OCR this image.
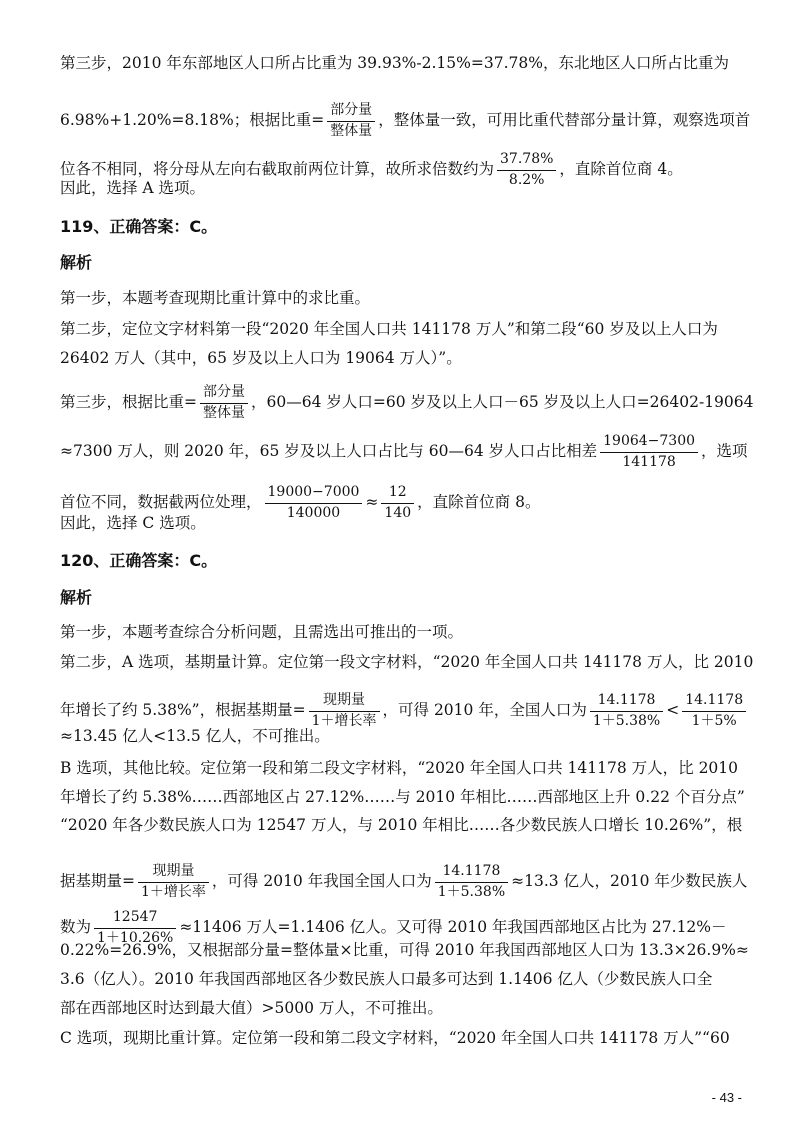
第三步，2010 年东部地区人口所占比重为 39.93%-2.15%=37.78%，东北地区人口所占比重为
6.98%+1.20%=8.18%；根据比重= $\frac{\text{部分量}}{\text{整体量}}$ ，整体量一致，可用比重代替部分量计算，观察选项首
位各不相同，将分母从左向右截取前两位计算，故所求倍数约为 $\frac{37.78\%}{8.2\%}$ ，直除首位商 4。
因此，选择 A 选项。
119、正确答案：C。
解析
第一步，本题考查现期比重计算中的求比重。
第二步，定位文字材料第一段“2020 年全国人口共 141178 万人”和第二段“60 岁及以上人口为
26402 万人（其中，65 岁及以上人口为 19064 万人）”。
第三步，根据比重= $\frac{\text{部分量}}{\text{整体量}}$ ，60—64 岁人口=60 岁及以上人口－65 岁及以上人口=26402-19064
≈7300 万人，则 2020 年，65 岁及以上人口占比与 60—64 岁人口占比相差 $\frac{19064-7300}{141178}$ ，选项
首位不同，数据截两位处理， $\frac{19000-7000}{140000} \approx \frac{12}{140}$ ，直除首位商 8。
因此，选择 C 选项。
120、正确答案：C。
解析
第一步，本题考查综合分析问题，且需选出可推出的一项。
第二步，A 选项，基期量计算。定位第一段文字材料，“2020 年全国人口共 141178 万人，比 2010
年增长了约 5.38%”，根据基期量= $\frac{\text{现期量}}{\text{1＋增长率}}$ ，可得 2010 年，全国人口为 $\frac{14.1178}{1+5.38\%} < \frac{14.1178}{1+5\%}$
≈13.45 亿人<13.5 亿人，不可推出。
B 选项，其他比较。定位第一段和第二段文字材料，“2020 年全国人口共 141178 万人，比 2010
年增长了约 5.38%……西部地区占 27.12%……与 2010 年相比……西部地区上升 0.22 个百分点”
“2020 年各少数民族人口为 12547 万人，与 2010 年相比……各少数民族人口增长 10.26%”，根
据基期量= $\frac{\text{现期量}}{\text{1＋增长率}}$ ，可得 2010 年我国全国人口为 $\frac{14.1178}{1+5.38\%} \approx 13.3$ 亿人，2010 年少数民族人
数为 $\frac{12547}{1+10.26\%} \approx 11406$ 万人=1.1406 亿人。又可得 2010 年我国西部地区占比为 27.12%－
0.22%=26.9%，又根据部分量=整体量×比重，可得 2010 年我国西部地区人口为 13.3×26.9%≈
3.6（亿人）。2010 年我国西部地区各少数民族人口最多可达到 1.1406 亿人（少数民族人口全
部在西部地区时达到最大值）>5000 万人，不可推出。
C 选项，现期比重计算。定位第一段和第二段文字材料，“2020 年全国人口共 141178 万人”“60
- 43 -
